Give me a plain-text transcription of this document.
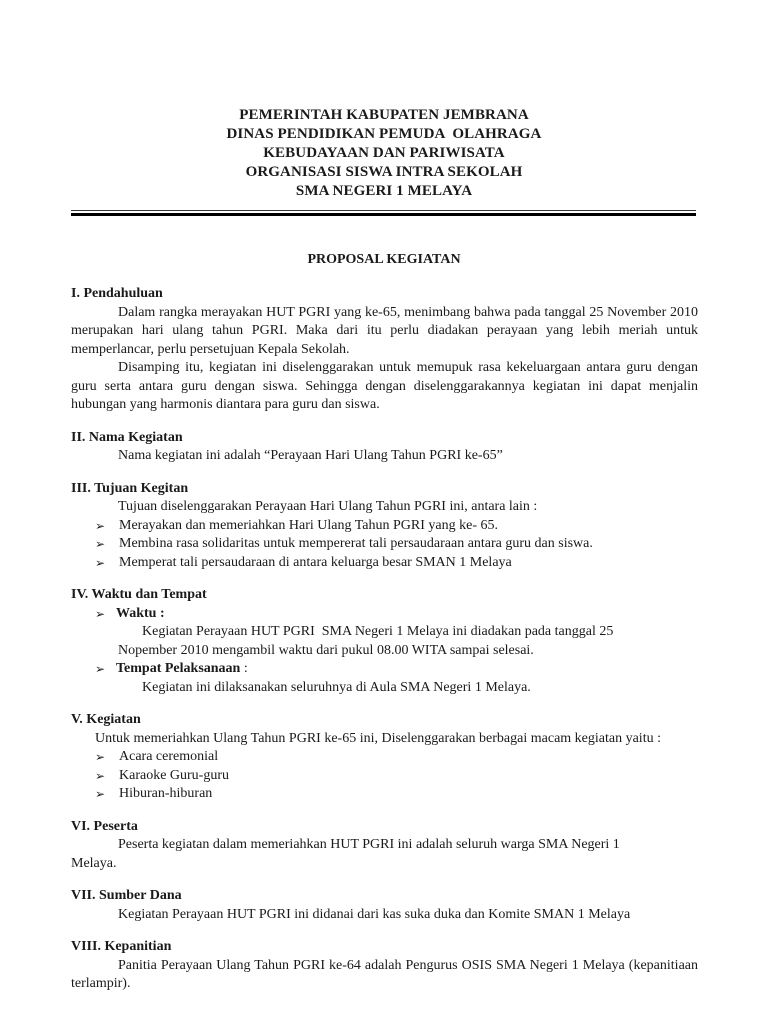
PEMERINTAH KABUPATEN JEMBRANA
DINAS PENDIDIKAN PEMUDA  OLAHRAGA
KEBUDAYAAN DAN PARIWISATA
ORGANISASI SISWA INTRA SEKOLAH
SMA NEGERI 1 MELAYA
PROPOSAL KEGIATAN
I. Pendahuluan

Dalam rangka merayakan HUT PGRI yang ke-65, menimbang bahwa pada tanggal 25 November 2010 merupakan hari ulang tahun PGRI. Maka dari itu perlu diadakan perayaan yang lebih meriah untuk memperlancar, perlu persetujuan Kepala Sekolah.

Disamping itu, kegiatan ini diselenggarakan untuk memupuk rasa kekeluargaan antara guru dengan guru serta antara guru dengan siswa. Sehingga dengan diselenggarakannya kegiatan ini dapat menjalin hubungan yang harmonis diantara para guru dan siswa.

II. Nama Kegiatan
Nama kegiatan ini adalah “Perayaan Hari Ulang Tahun PGRI ke-65”
III. Tujuan Kegitan
Tujuan diselenggarakan Perayaan Hari Ulang Tahun PGRI ini, antara lain :
➢ Merayakan dan memeriahkan Hari Ulang Tahun PGRI yang ke- 65.
➢ Membina rasa solidaritas untuk mempererat tali persaudaraan antara guru dan siswa.
➢ Memperat tali persaudaraan di antara keluarga besar SMAN 1 Melaya
IV. Waktu dan Tempat
➢ Waktu :
Kegiatan Perayaan HUT PGRI  SMA Negeri 1 Melaya ini diadakan pada tanggal 25
Nopember 2010 mengambil waktu dari pukul 08.00 WITA sampai selesai.
➢ Tempat Pelaksanaan :
Kegiatan ini dilaksanakan seluruhnya di Aula SMA Negeri 1 Melaya.
V. Kegiatan

Untuk memeriahkan Ulang Tahun PGRI ke-65 ini, Diselenggarakan berbagai macam kegiatan yaitu :

➢ Acara ceremonial
➢ Karaoke Guru-guru
➢ Hiburan-hiburan
VI. Peserta

Peserta kegiatan dalam memeriahkan HUT PGRI ini adalah seluruh warga SMA Negeri 1 Melaya.

VII. Sumber Dana
Kegiatan Perayaan HUT PGRI ini didanai dari kas suka duka dan Komite SMAN 1 Melaya
VIII. Kepanitian

Panitia Perayaan Ulang Tahun PGRI ke-64 adalah Pengurus OSIS SMA Negeri 1 Melaya (kepanitiaan terlampir).
